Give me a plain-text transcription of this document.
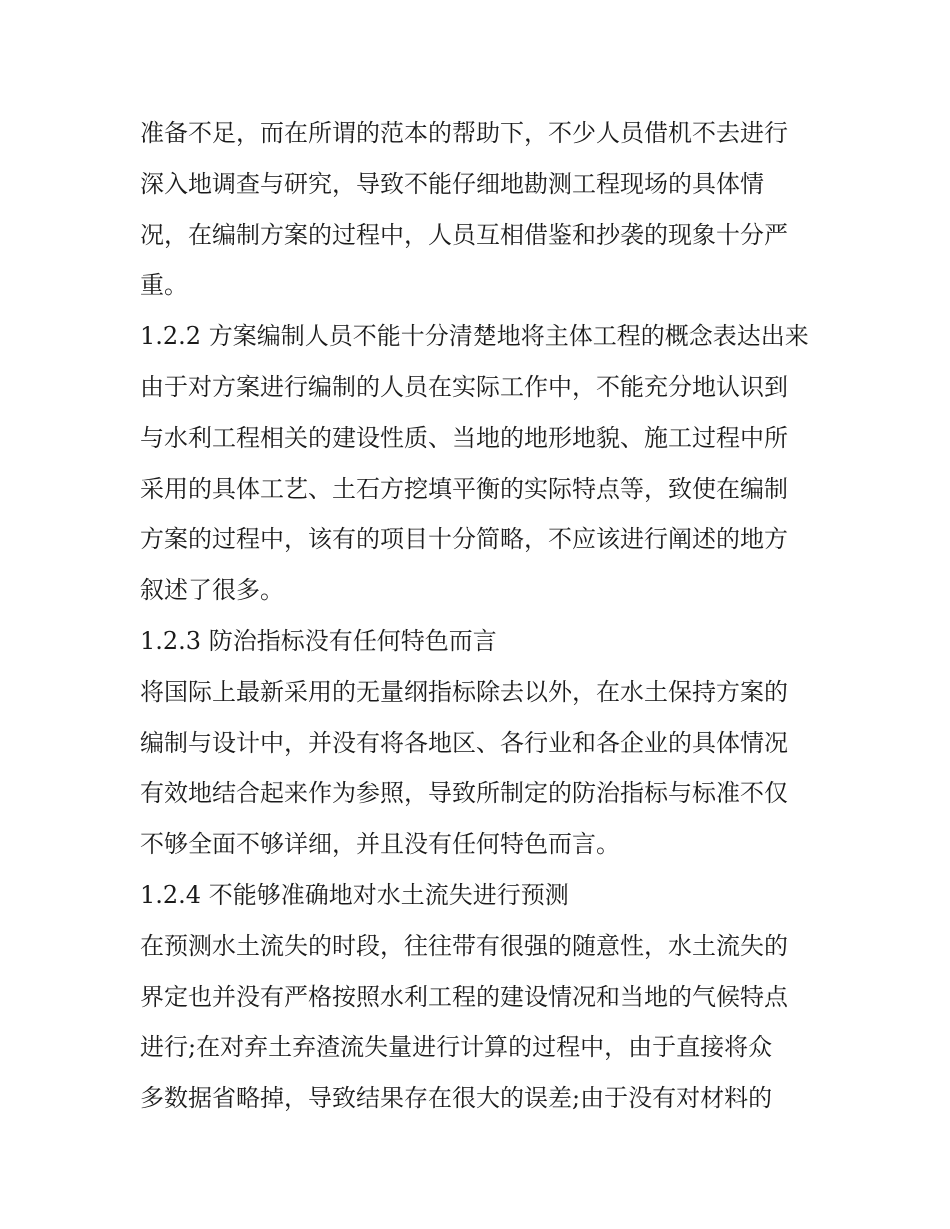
准备不足，而在所谓的范本的帮助下，不少人员借机不去进行
深入地调查与研究，导致不能仔细地勘测工程现场的具体情
况，在编制方案的过程中，人员互相借鉴和抄袭的现象十分严
重。
1.2.2 方案编制人员不能十分清楚地将主体工程的概念表达出来
由于对方案进行编制的人员在实际工作中，不能充分地认识到
与水利工程相关的建设性质、当地的地形地貌、施工过程中所
采用的具体工艺、土石方挖填平衡的实际特点等，致使在编制
方案的过程中，该有的项目十分简略，不应该进行阐述的地方
叙述了很多。
1.2.3 防治指标没有任何特色而言
将国际上最新采用的无量纲指标除去以外，在水土保持方案的
编制与设计中，并没有将各地区、各行业和各企业的具体情况
有效地结合起来作为参照，导致所制定的防治指标与标准不仅
不够全面不够详细，并且没有任何特色而言。
1.2.4 不能够准确地对水土流失进行预测
在预测水土流失的时段，往往带有很强的随意性，水土流失的
界定也并没有严格按照水利工程的建设情况和当地的气候特点
进行;在对弃土弃渣流失量进行计算的过程中，由于直接将众
多数据省略掉，导致结果存在很大的误差;由于没有对材料的
